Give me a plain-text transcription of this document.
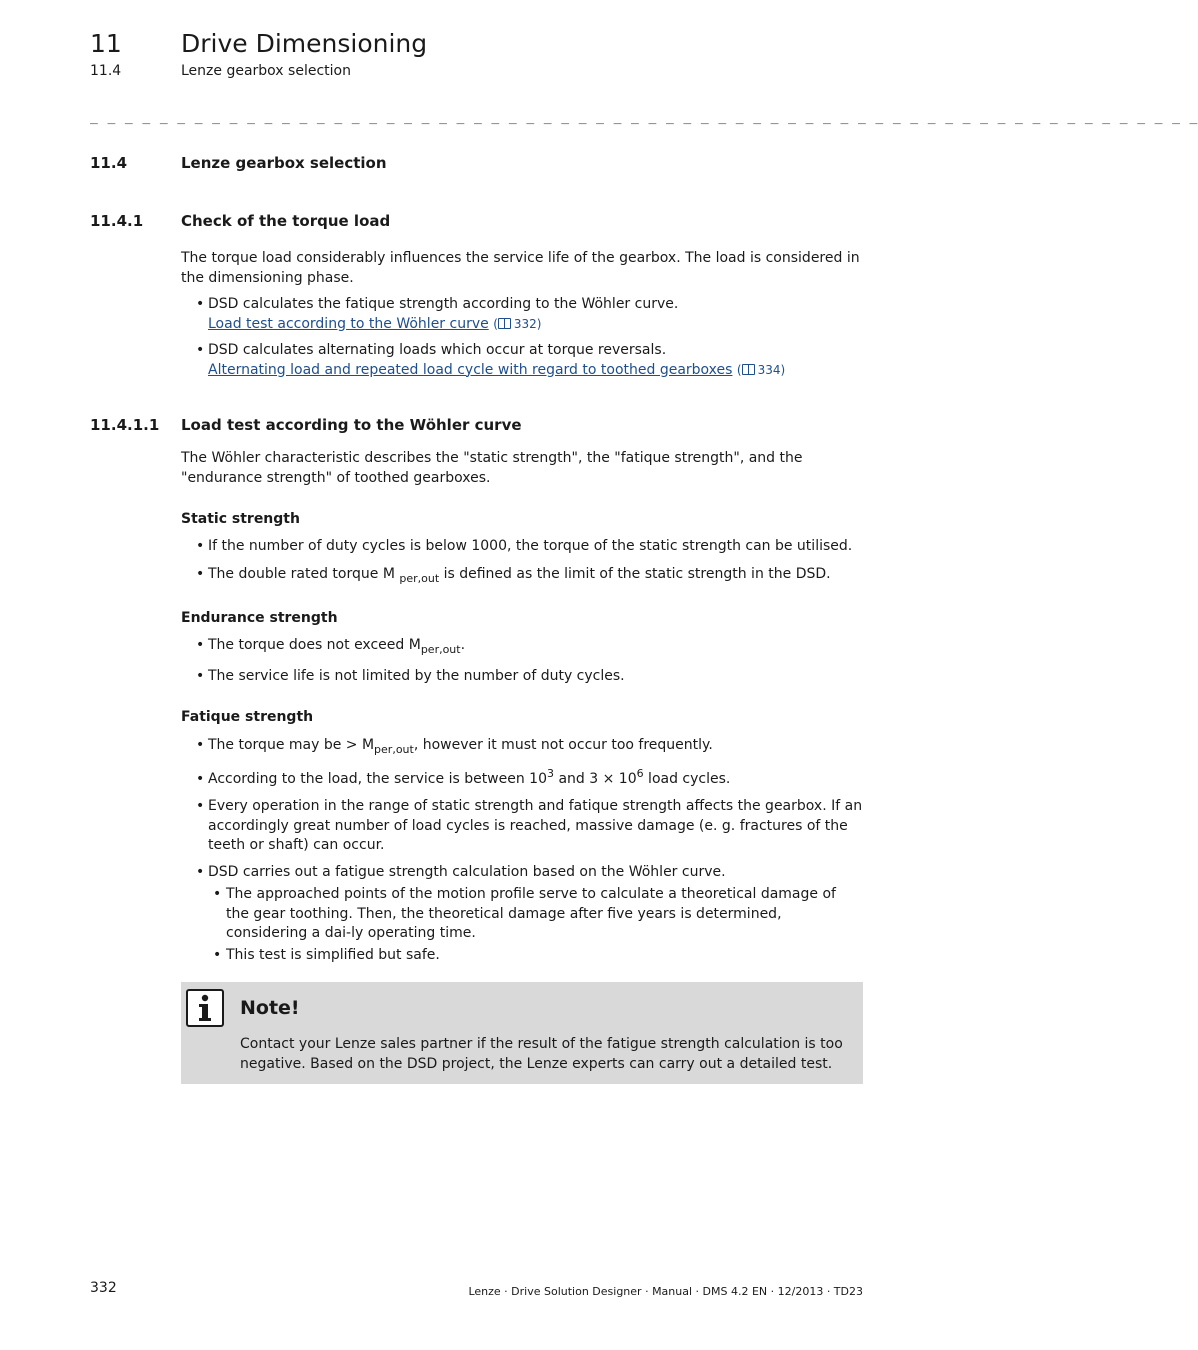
11 Drive Dimensioning
11.4	Lenze gearbox selection
_ _ _ _ _ _ _ _ _ _ _ _ _ _ _ _ _ _ _ _ _ _ _ _ _ _ _ _ _ _ _ _ _ _ _ _ _ _ _ _ _ _ _ _ _ _ _ _ _ _ _ _ _ _ _ _ _ _ _ _ _ _ _ _
11.4	Lenze gearbox selection
11.4.1	Check of the torque load
The torque load considerably influences the service life of the gearbox. The load is considered in the dimensioning phase.
• DSD calculates the fatique strength according to the Wöhler curve.
Load test according to the Wöhler curve ( 332)
• DSD calculates alternating loads which occur at torque reversals.
Alternating load and repeated load cycle with regard to toothed gearboxes ( 334)
11.4.1.1 Load test according to the Wöhler curve
The Wöhler characteristic describes the "static strength", the "fatique strength", and the "endurance strength" of toothed gearboxes.
Static strength
• If the number of duty cycles is below 1000, the torque of the static strength can be utilised.
• The double rated torque M $_{per,out}$ is defined as the limit of the static strength in the DSD.
Endurance strength
• The torque does not exceed $M_{per,out}$.
• The service life is not limited by the number of duty cycles.
Fatique strength
• The torque may be > $M_{per,out}$, however it must not occur too frequently.
• According to the load, the service is between $10^3$ and $3 \times 10^6$ load cycles.
• Every operation in the range of static strength and fatique strength affects the gearbox. If an accordingly great number of load cycles is reached, massive damage (e. g. fractures of the teeth or shaft) can occur.
• DSD carries out a fatigue strength calculation based on the Wöhler curve.
• The approached points of the motion profile serve to calculate a theoretical damage of the gear toothing. Then, the theoretical damage after five years is determined, considering a dai-ly operating time.
• This test is simplified but safe.
Note!
Contact your Lenze sales partner if the result of the fatigue strength calculation is too negative. Based on the DSD project, the Lenze experts can carry out a detailed test.
332	Lenze · Drive Solution Designer · Manual · DMS 4.2 EN · 12/2013 · TD23
